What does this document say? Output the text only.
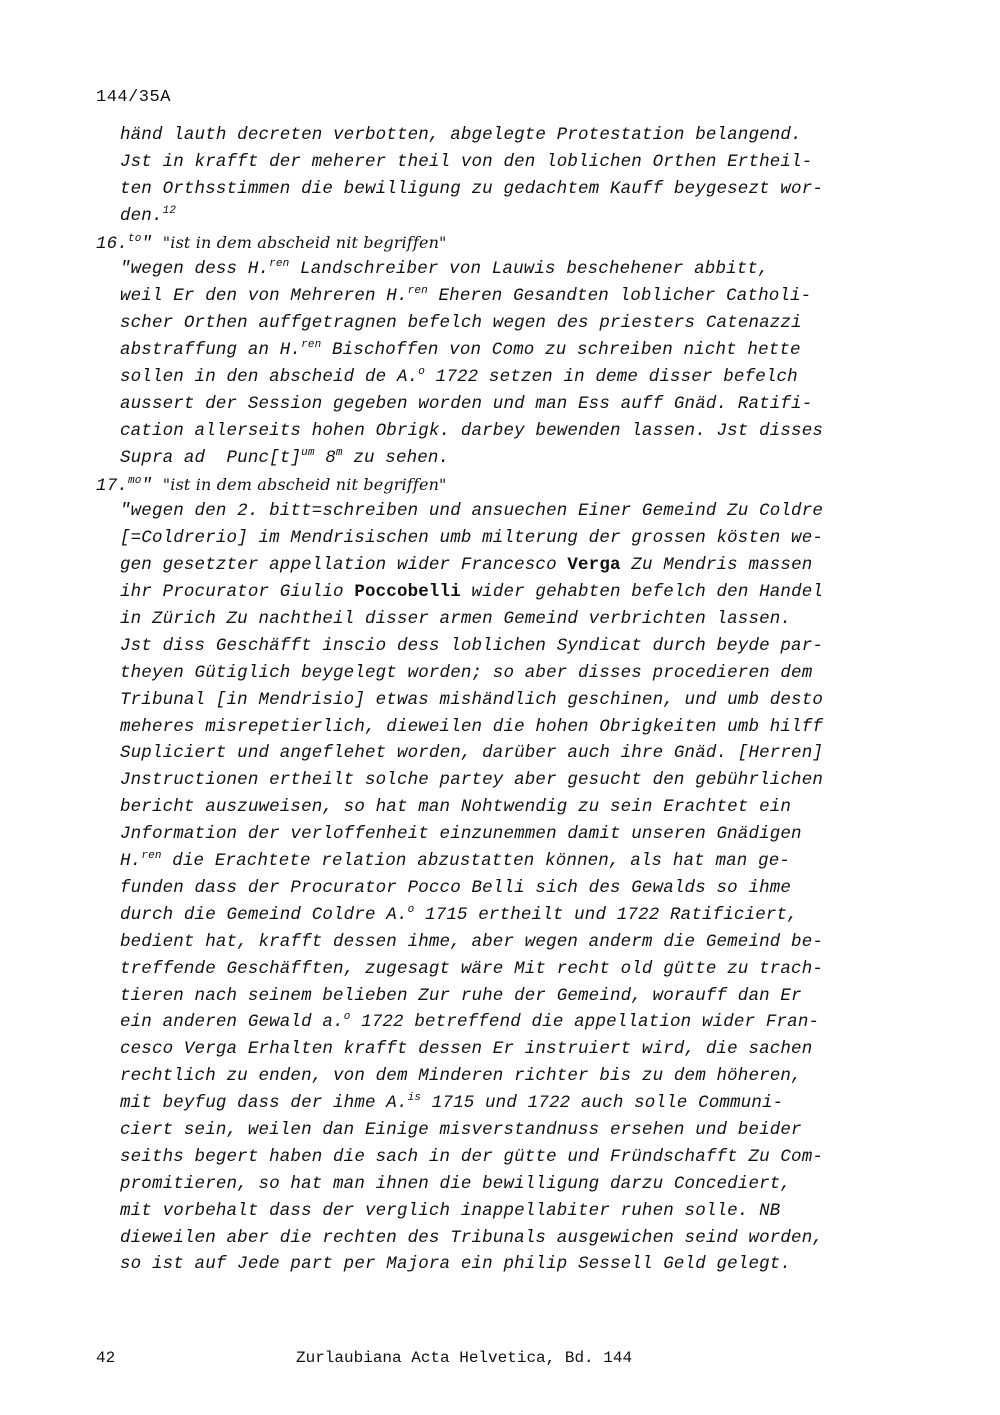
144/35A
händ lauth decreten verbotten, abgelegte Protestation belangend.
Jst in krafft der meherer theil von den loblichen Orthen Ertheil-
ten Orthsstimmen die bewilligung zu gedachtem Kauff beygesezt wor-
den.$^{12}$
16.$^{to}$" "ist in dem abscheid nit begriffen"
"wegen dess H.$^{ren}$ Landschreiber von Lauwis beschehener abbitt,
weil Er den von Mehreren H.$^{ren}$ Eheren Gesandten loblicher Catholi-
scher Orthen auffgetragnen befelch wegen des priesters Catenazzi
abstraffung an H.$^{ren}$ Bischoffen von Como zu schreiben nicht hette
sollen in den abscheid de A.$^o$ 1722 setzen in deme disser befelch
aussert der Session gegeben worden und man Ess auff Gnäd. Ratifi-
cation allerseits hohen Obrigk. darbey bewenden lassen. Jst disses
Supra ad  $Punc[t]^{um}$ 8$^m$ zu sehen.
17.$^{mo}$" "ist in dem abscheid nit begriffen"
"wegen den 2. bitt=schreiben und ansuechen Einer Gemeind Zu Coldre
[=Coldrerio] im Mendrisischen umb milterung der grossen kösten we-
gen gesetzter appellation wider Francesco Verga Zu Mendris massen
ihr Procurator Giulio Poccobelli wider gehabten befelch den Handel
in Zürich Zu nachtheil disser armen Gemeind verbrichten lassen.
Jst diss Geschäfft inscio dess loblichen Syndicat durch beyde par-
theyen Gütiglich beygelegt worden; so aber disses procedieren dem
Tribunal [in Mendrisio] etwas mishändlich geschinen, und umb desto
meheres misrepetierlich, dieweilen die hohen Obrigkeiten umb hilff
Supliciert und angeflehet worden, darüber auch ihre Gnäd. [Herren]
Jnstructionen ertheilt solche partey aber gesucht den gebührlichen
bericht auszuweisen, so hat man Nohtwendig zu sein Erachtet ein
Jnformation der verloffenheit einzunemmen damit unseren Gnädigen
H.$^{ren}$ die Erachtete relation abzustatten können, als hat man ge-
funden dass der Procurator Pocco Belli sich des Gewalds so ihme
durch die Gemeind Coldre A.$^o$ 1715 ertheilt und 1722 Ratificiert,
bedient hat, krafft dessen ihme, aber wegen anderm die Gemeind be-
treffende Geschäfften, zugesagt wäre Mit recht old gütte zu trach-
tieren nach seinem belieben Zur ruhe der Gemeind, worauff dan Er
ein anderen Gewald a.$^o$ 1722 betreffend die appellation wider Fran-
cesco Verga Erhalten krafft dessen Er instruiert wird, die sachen
rechtlich zu enden, von dem Minderen richter bis zu dem höheren,
mit beyfug dass der ihme A.$^{is}$ 1715 und 1722 auch solle Communi-
ciert sein, weilen dan Einige misverstandnuss ersehen und beider
seiths begert haben die sach in der gütte und Fründschafft Zu Com-
promitieren, so hat man ihnen die bewilligung darzu Concediert,
mit vorbehalt dass der verglich inappellabiter ruhen solle. NB
dieweilen aber die rechten des Tribunals ausgewichen seind worden,
so ist auf Jede part per Majora ein philip Sessell Geld gelegt.
42	Zurlaubiana Acta Helvetica, Bd. 144
